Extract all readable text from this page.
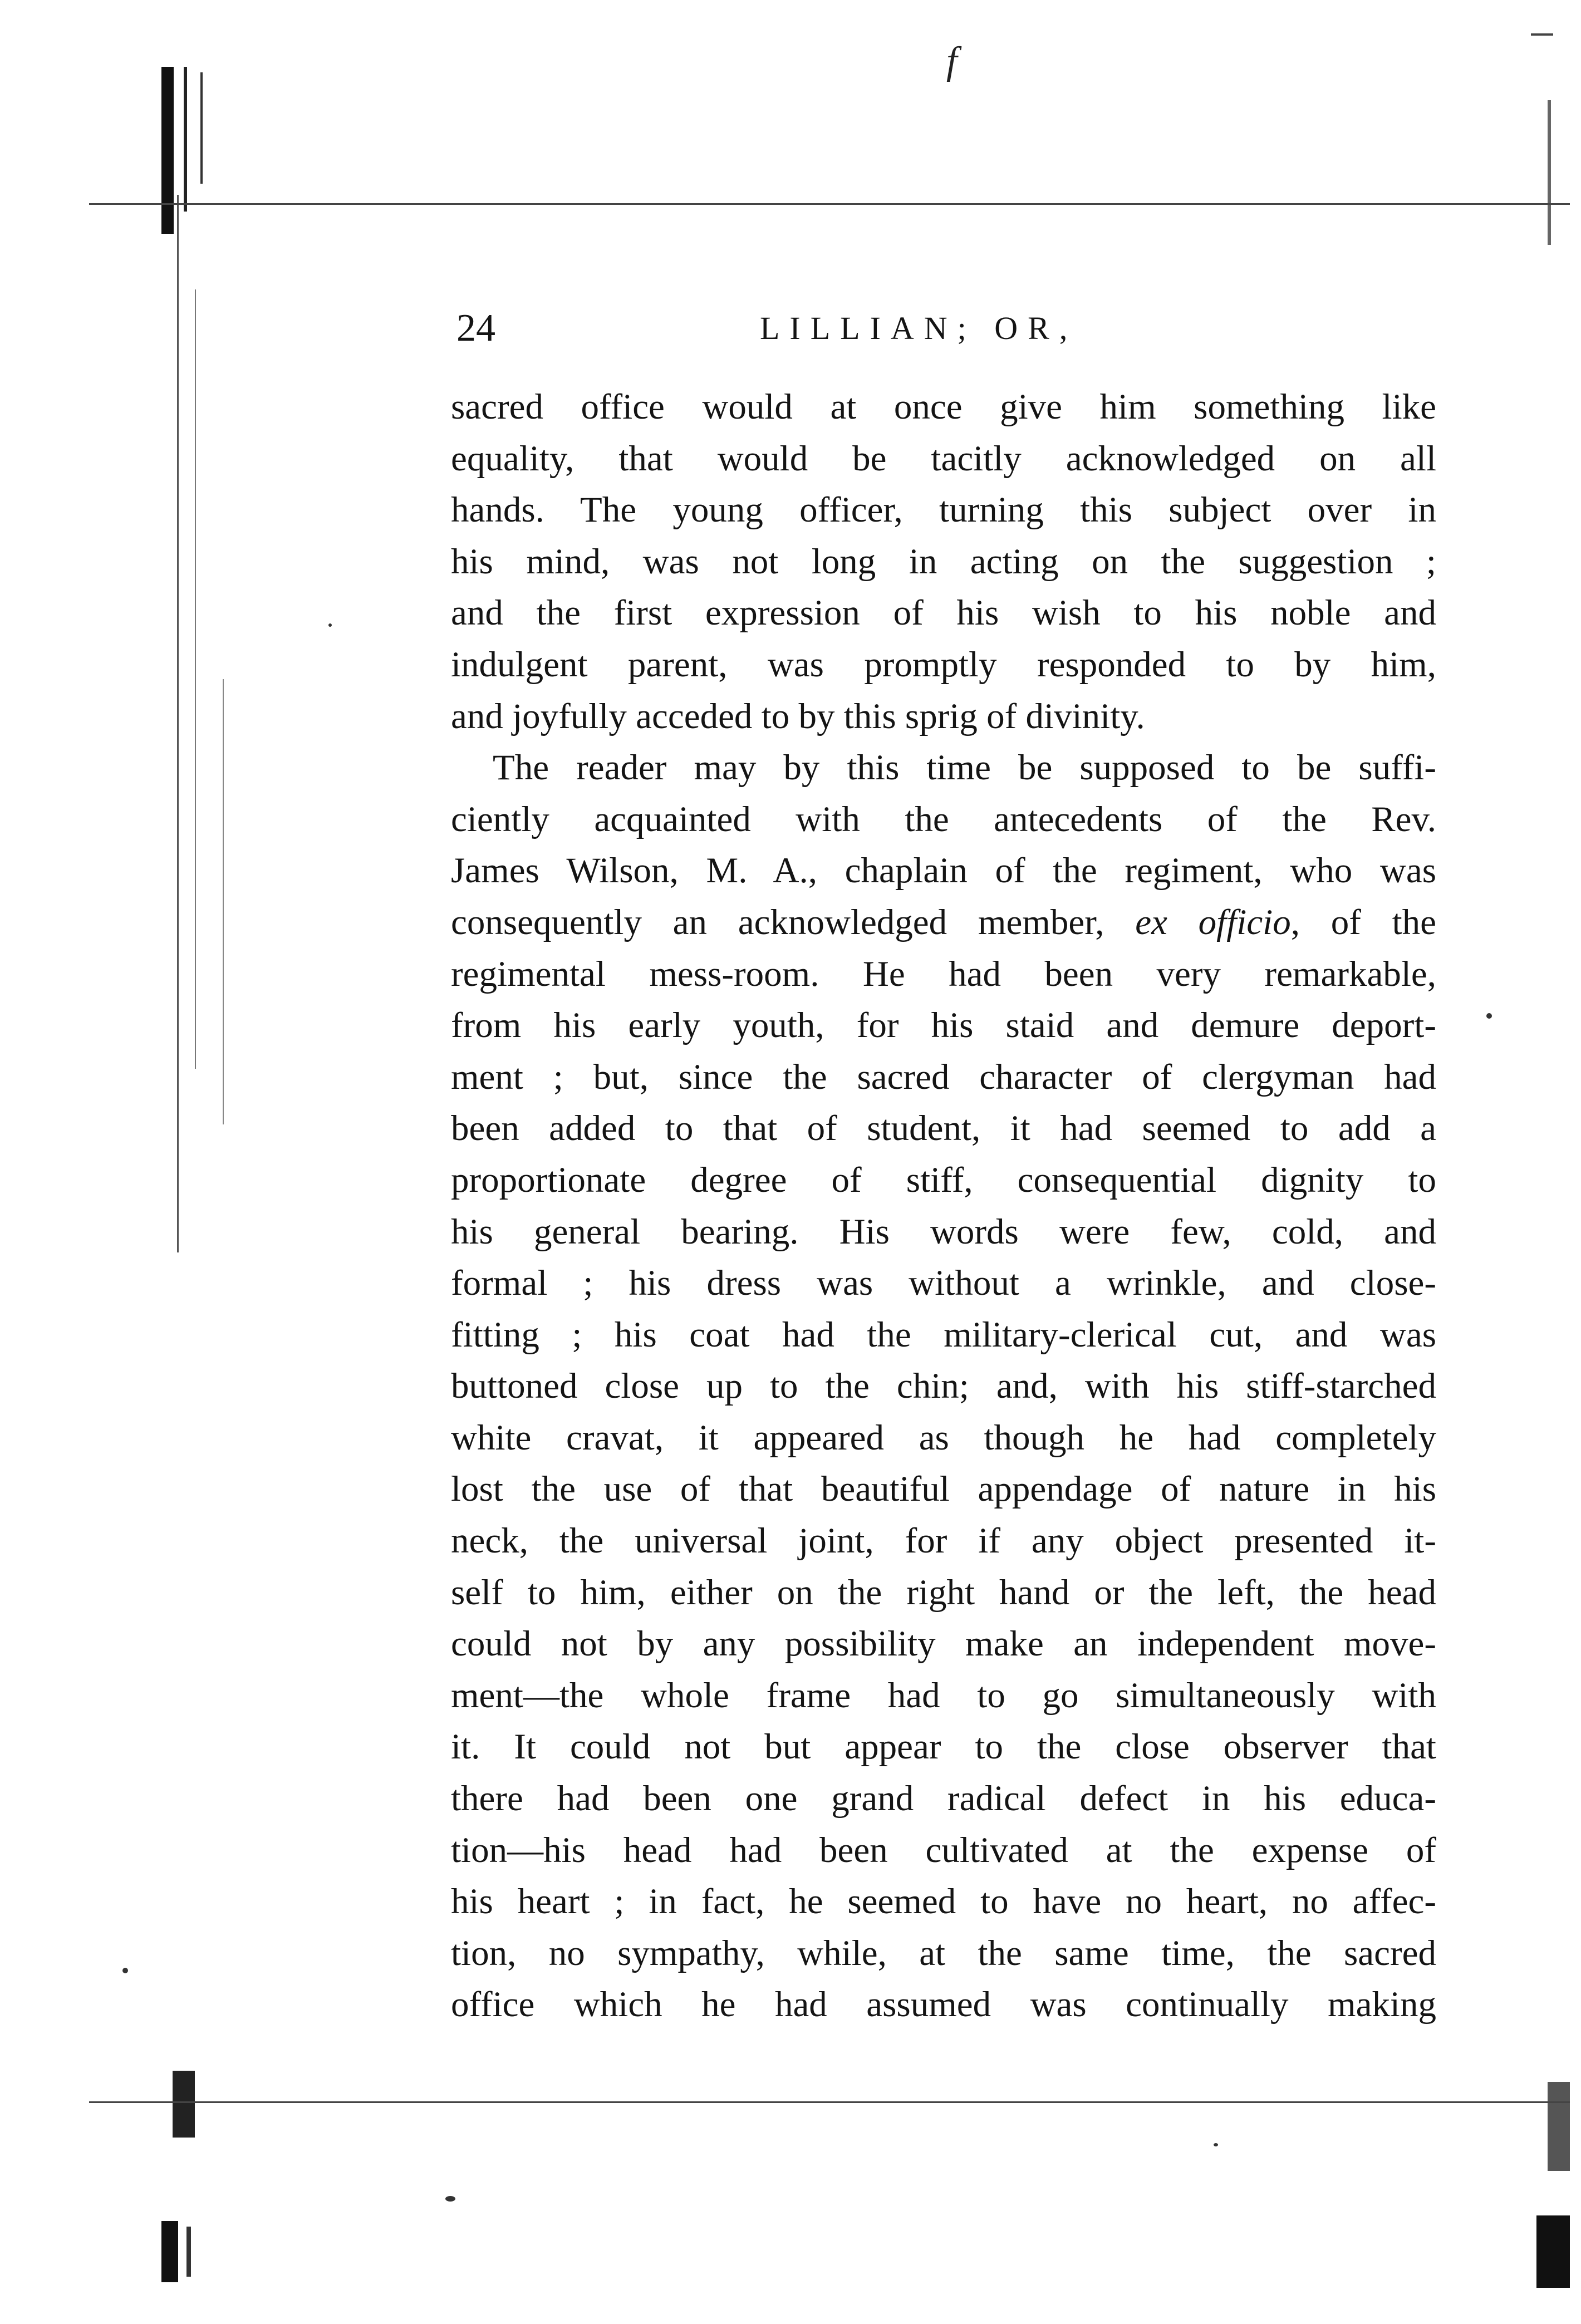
f
24	LILLIAN; OR,
sacred office would at once give him something like
equality, that would be tacitly acknowledged on all
hands. The young officer, turning this subject over in
his mind, was not long in acting on the suggestion ;
and the first expression of his wish to his noble and
indulgent parent, was promptly responded to by him,
and joyfully acceded to by this sprig of divinity.
The reader may by this time be supposed to be suffi-
ciently acquainted with the antecedents of the Rev.
James Wilson, M. A., chaplain of the regiment, who was
consequently an acknowledged member, ex officio, of the
regimental mess-room. He had been very remarkable,
from his early youth, for his staid and demure deport-
ment ; but, since the sacred character of clergyman had
been added to that of student, it had seemed to add a
proportionate degree of stiff, consequential dignity to
his general bearing. His words were few, cold, and
formal ; his dress was without a wrinkle, and close-
fitting ; his coat had the military-clerical cut, and was
buttoned close up to the chin; and, with his stiff-starched
white cravat, it appeared as though he had completely
lost the use of that beautiful appendage of nature in his
neck, the universal joint, for if any object presented it-
self to him, either on the right hand or the left, the head
could not by any possibility make an independent move-
ment—the whole frame had to go simultaneously with
it. It could not but appear to the close observer that
there had been one grand radical defect in his educa-
tion—his head had been cultivated at the expense of
his heart ; in fact, he seemed to have no heart, no affec-
tion, no sympathy, while, at the same time, the sacred
office which he had assumed was continually making
